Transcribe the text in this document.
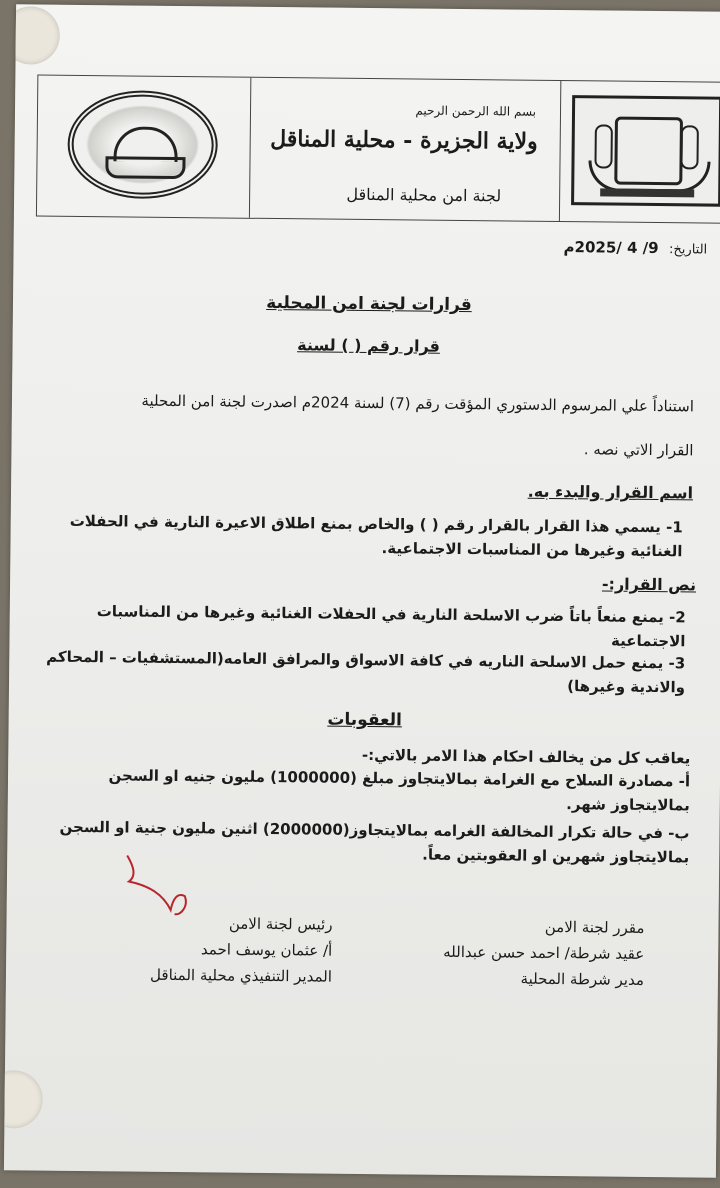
بسم الله الرحمن الرحيم
ولاية الجزيرة - محلية المناقل
لجنة امن محلية المناقل
التاريخ: 9/ 4 /2025م
قرارات لجنة امن المحلية
قرار رقم ( ) لسنة
استناداً علي المرسوم الدستوري المؤقت رقم (7) لسنة 2024م اصدرت لجنة امن المحلية
القرار الاتي نصه .
اسم القرار والبدء به.
1- يسمي هذا القرار بالقرار رقم ( ) والخاص بمنع اطلاق الاعيرة النارية في الحفلات الغنائية وغيرها من المناسبات الاجتماعية.
نص القرار:-
2- يمنع منعاً باتاً ضرب الاسلحة النارية في الحفلات الغنائية وغيرها من المناسبات الاجتماعية
3- يمنع حمل الاسلحة الناريه في كافة الاسواق والمرافق العامه(المستشفيات – المحاكم والاندية وغيرها)
العقوبات
يعاقب كل من يخالف احكام هذا الامر بالاتي:-
أ- مصادرة السلاح مع الغرامة بمالايتجاوز مبلغ (1000000) مليون جنيه او السجن بمالايتجاوز شهر.
ب- في حالة تكرار المخالفة الغرامه بمالايتجاوز(2000000) اثنين مليون جنية او السجن بمالايتجاوز شهرين او العقوبتين معاً.
رئيس لجنة الامن
أ/ عثمان يوسف احمد
المدير التنفيذي محلية المناقل
مقرر لجنة الامن
عقيد شرطة/ احمد حسن عبدالله
مدير شرطة المحلية
